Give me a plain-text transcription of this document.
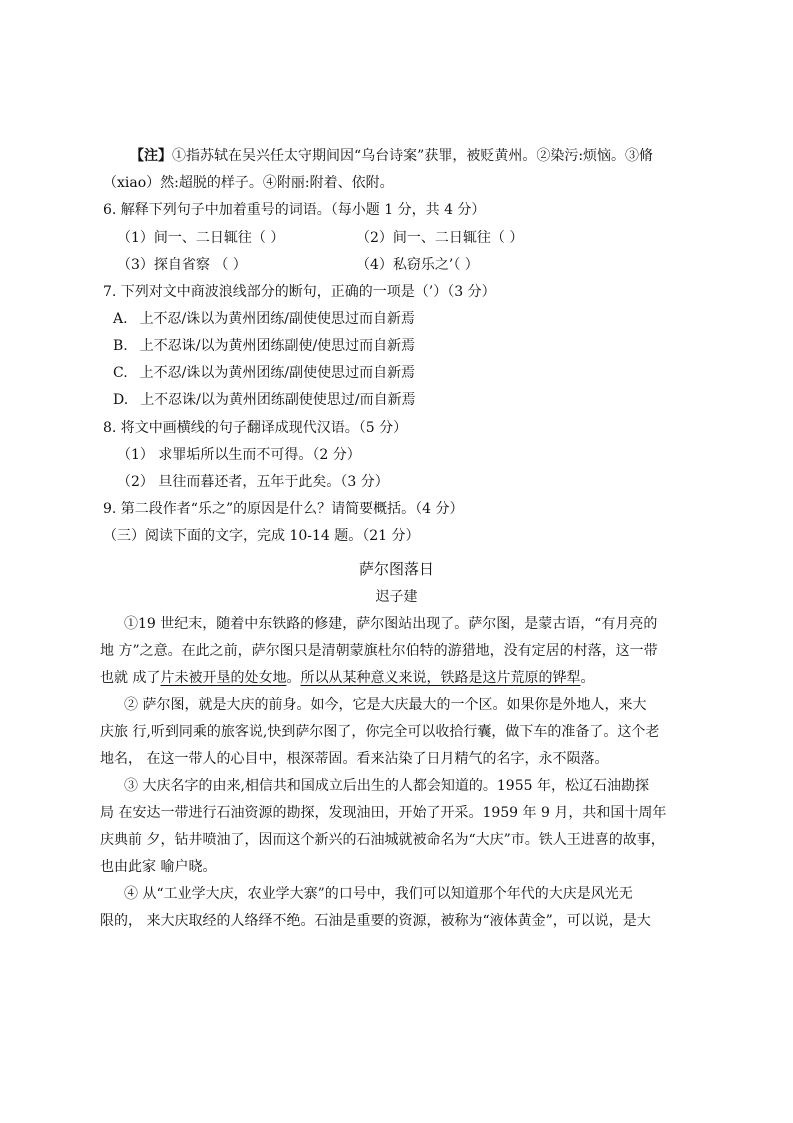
【注】①指苏轼在吴兴任太守期间因“乌台诗案”获罪，被贬黄州。②染污:烦恼。③脩
（xiao）然:超脱的样子。④附丽:附着、依附。
6. 解释下列句子中加着重号的词语。（每小题 1 分，共 4 分）
（1）间一、二日辄往（ ）	（2）间一、二日辄往（ ）
（3）探自省察 （ ）	（4）私窃乐之’（ ）
7. 下列对文中商波浪线部分的断句，正确的一项是（’）（3 分）
A. 上不忍/诛以为黄州团练/副使使思过而自新焉
B. 上不忍诛/以为黄州团练副使/使思过而自新焉
C. 上不忍/诛以为黄州团练/副使使思过而自新焉
D. 上不忍诛/以为黄州团练副使使思过/而自新焉
8. 将文中画横线的句子翻译成现代汉语。（5 分）
（1） 求罪垢所以生而不可得。（2 分）
（2） 旦往而暮还者，五年于此矣。（3 分）
9. 第二段作者“乐之”的原因是什么？请简要概括。（4 分）
（三）阅读下面的文字，完成 10-14 题。（21 分）
萨尔图落日
迟子建
①19 世纪末，随着中东铁路的修建，萨尔图站出现了。萨尔图，是蒙古语，“有月亮的
地 方”之意。在此之前，萨尔图只是清朝蒙旗杜尔伯特的游猎地，没有定居的村落，这一带
也就 成了片未被开垦的处女地。所以从某种意义来说，铁路是这片荒原的铧犁。
② 萨尔图，就是大庆的前身。如今，它是大庆最大的一个区。如果你是外地人，来大
庆旅 行,听到同乘的旅客说,快到萨尔图了，你完全可以收拾行囊，做下车的准备了。这个老
地名， 在这一带人的心目中，根深蒂固。看来沾染了日月精气的名字，永不陨落。
③ 大庆名字的由来,相信共和国成立后出生的人都会知道的。1955 年，松辽石油勘探
局 在安达一带进行石油资源的勘探，发现油田，开始了开采。1959 年 9 月，共和国十周年
庆典前 夕，钻井喷油了，因而这个新兴的石油城就被命名为“大庆”市。铁人王进喜的故事，
也由此家 喻户晓。
④ 从“工业学大庆，农业学大寨”的口号中，我们可以知道那个年代的大庆是风光无
限的， 来大庆取经的人络绎不绝。石油是重要的资源，被称为“液体黄金”，可以说，是大
